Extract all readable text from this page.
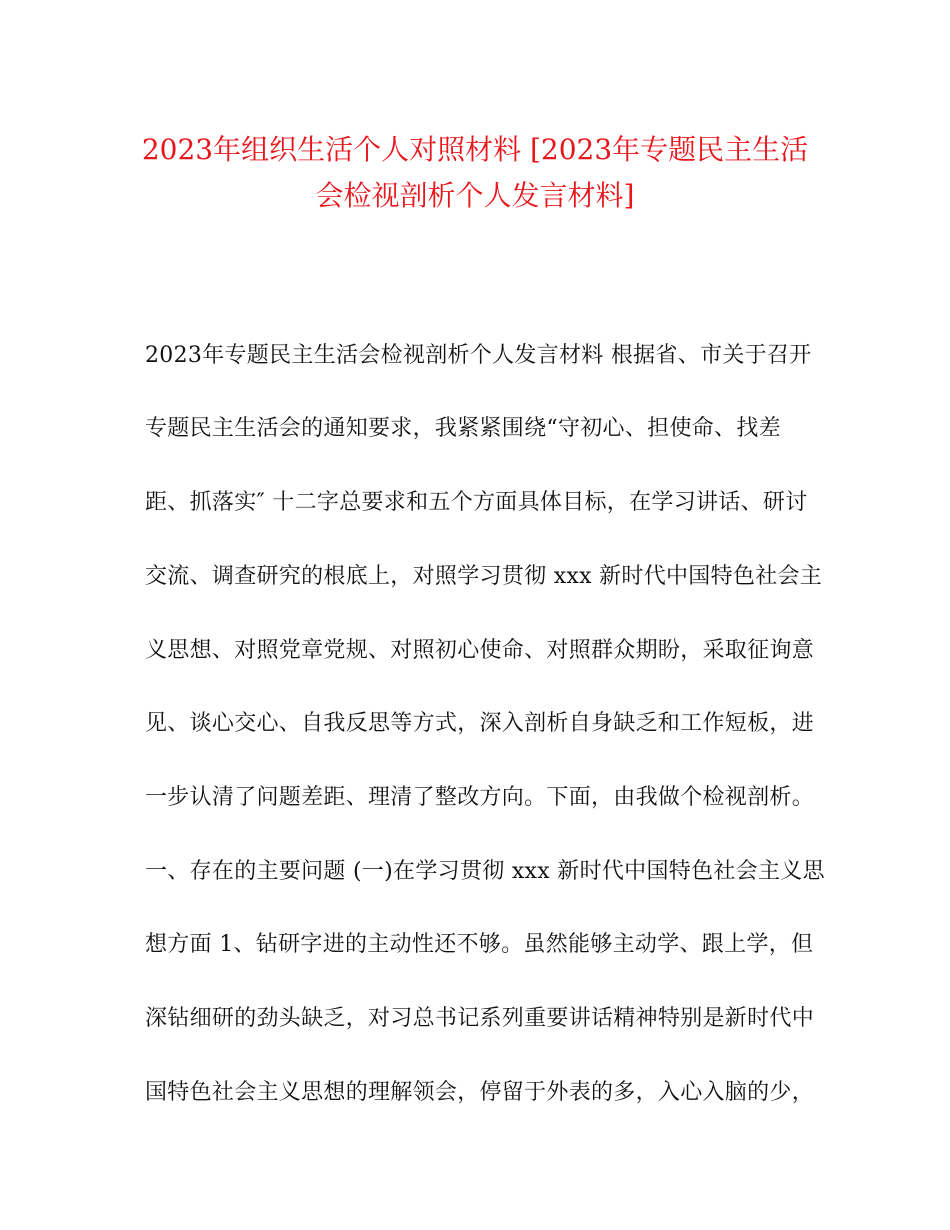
2023年组织生活个人对照材料 [2023年专题民主生活
会检视剖析个人发言材料]
2023年专题民主生活会检视剖析个人发言材料 根据省、市关于召开
专题民主生活会的通知要求，我紧紧围绕“守初心、担使命、找差
距、抓落实″ 十二字总要求和五个方面具体目标，在学习讲话、研讨
交流、调查研究的根底上，对照学习贯彻 xxx 新时代中国特色社会主
义思想、对照党章党规、对照初心使命、对照群众期盼，采取征询意
见、谈心交心、自我反思等方式，深入剖析自身缺乏和工作短板，进
一步认清了问题差距、理清了整改方向。下面，由我做个检视剖析。
一、存在的主要问题 (一)在学习贯彻 xxx 新时代中国特色社会主义思
想方面 1、钻研字进的主动性还不够。虽然能够主动学、跟上学，但
深钻细研的劲头缺乏，对习总书记系列重要讲话精神特别是新时代中
国特色社会主义思想的理解领会，停留于外表的多，入心入脑的少，
